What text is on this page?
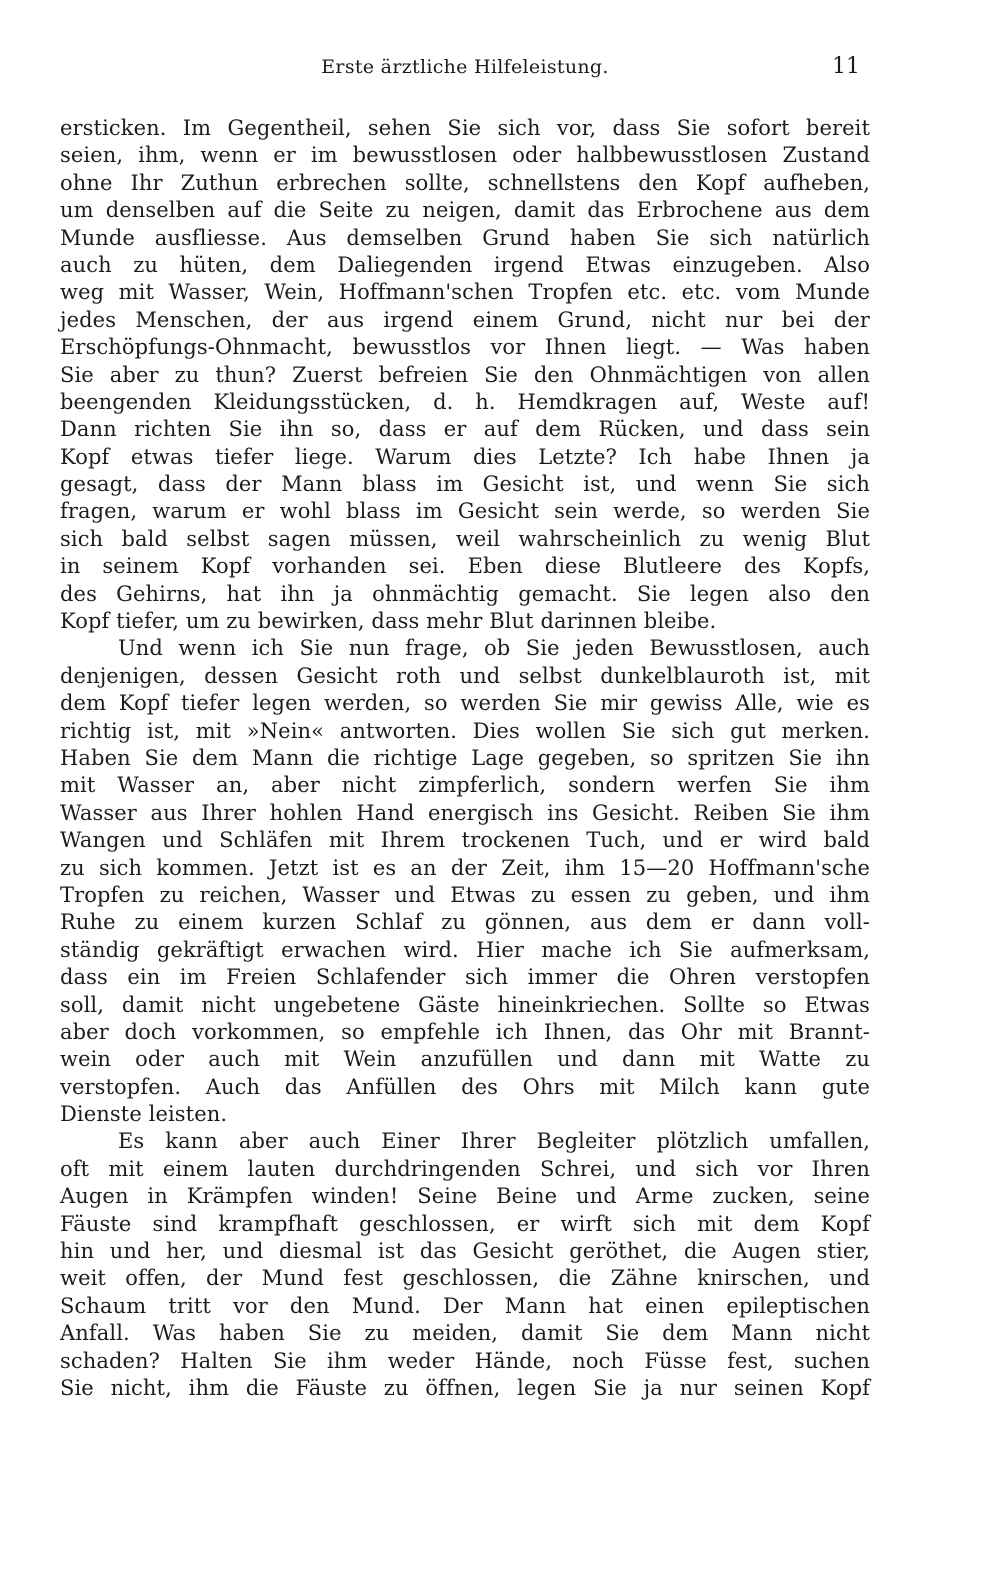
Erste ärztliche Hilfeleistung.	11
ersticken. Im Gegentheil, sehen Sie sich vor, dass Sie sofort bereit
seien, ihm, wenn er im bewusstlosen oder halbbewusstlosen Zustand
ohne Ihr Zuthun erbrechen sollte, schnellstens den Kopf aufheben,
um denselben auf die Seite zu neigen, damit das Erbrochene aus dem
Munde ausfliesse. Aus demselben Grund haben Sie sich natürlich
auch zu hüten, dem Daliegenden irgend Etwas einzugeben. Also
weg mit Wasser, Wein, Hoffmann'schen Tropfen etc. etc. vom Munde
jedes Menschen, der aus irgend einem Grund, nicht nur bei der
Erschöpfungs-Ohnmacht, bewusstlos vor Ihnen liegt. — Was haben
Sie aber zu thun? Zuerst befreien Sie den Ohnmächtigen von allen
beengenden Kleidungsstücken, d. h. Hemdkragen auf, Weste auf!
Dann richten Sie ihn so, dass er auf dem Rücken, und dass sein
Kopf etwas tiefer liege. Warum dies Letzte? Ich habe Ihnen ja
gesagt, dass der Mann blass im Gesicht ist, und wenn Sie sich
fragen, warum er wohl blass im Gesicht sein werde, so werden Sie
sich bald selbst sagen müssen, weil wahrscheinlich zu wenig Blut
in seinem Kopf vorhanden sei. Eben diese Blutleere des Kopfs,
des Gehirns, hat ihn ja ohnmächtig gemacht. Sie legen also den
Kopf tiefer, um zu bewirken, dass mehr Blut darinnen bleibe.
Und wenn ich Sie nun frage, ob Sie jeden Bewusstlosen, auch
denjenigen, dessen Gesicht roth und selbst dunkelblauroth ist, mit
dem Kopf tiefer legen werden, so werden Sie mir gewiss Alle, wie es
richtig ist, mit »Nein« antworten. Dies wollen Sie sich gut merken.
Haben Sie dem Mann die richtige Lage gegeben, so spritzen Sie ihn
mit Wasser an, aber nicht zimpferlich, sondern werfen Sie ihm
Wasser aus Ihrer hohlen Hand energisch ins Gesicht. Reiben Sie ihm
Wangen und Schläfen mit Ihrem trockenen Tuch, und er wird bald
zu sich kommen. Jetzt ist es an der Zeit, ihm 15—20 Hoffmann'sche
Tropfen zu reichen, Wasser und Etwas zu essen zu geben, und ihm
Ruhe zu einem kurzen Schlaf zu gönnen, aus dem er dann voll-
ständig gekräftigt erwachen wird. Hier mache ich Sie aufmerksam,
dass ein im Freien Schlafender sich immer die Ohren verstopfen
soll, damit nicht ungebetene Gäste hineinkriechen. Sollte so Etwas
aber doch vorkommen, so empfehle ich Ihnen, das Ohr mit Brannt-
wein oder auch mit Wein anzufüllen und dann mit Watte zu
verstopfen. Auch das Anfüllen des Ohrs mit Milch kann gute
Dienste leisten.
Es kann aber auch Einer Ihrer Begleiter plötzlich umfallen,
oft mit einem lauten durchdringenden Schrei, und sich vor Ihren
Augen in Krämpfen winden! Seine Beine und Arme zucken, seine
Fäuste sind krampfhaft geschlossen, er wirft sich mit dem Kopf
hin und her, und diesmal ist das Gesicht geröthet, die Augen stier,
weit offen, der Mund fest geschlossen, die Zähne knirschen, und
Schaum tritt vor den Mund. Der Mann hat einen epileptischen
Anfall. Was haben Sie zu meiden, damit Sie dem Mann nicht
schaden? Halten Sie ihm weder Hände, noch Füsse fest, suchen
Sie nicht, ihm die Fäuste zu öffnen, legen Sie ja nur seinen Kopf
